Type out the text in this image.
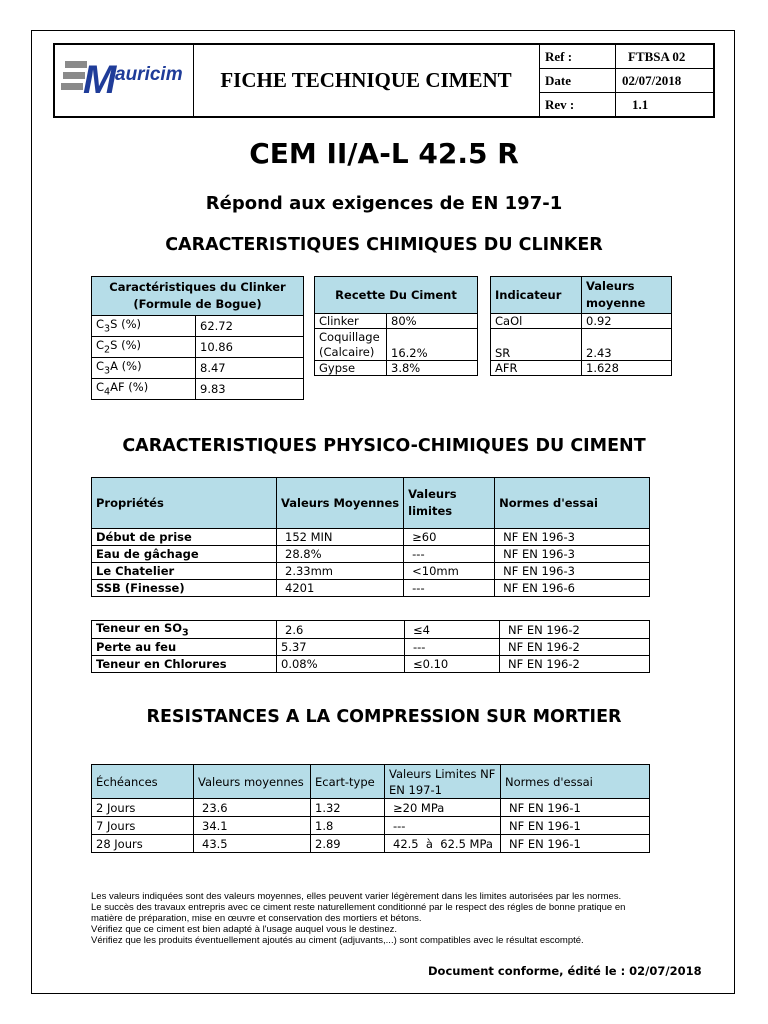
M
auricim	FICHE TECHNIQUE CIMENT
Ref :	FTBSA 02
Date	02/07/2018
Rev :	1.1
CEM II/A-L 42.5 R
Répond aux exigences de EN 197-1
CARACTERISTIQUES CHIMIQUES DU CLINKER
Caractéristiques du Clinker
(Formule de Bogue)	
$C_3S$ (%)	62.72
$C_2S$ (%)	10.86
$C_3A$ (%)	8.47
$C_4AF$ (%)	9.83
Recette Du Ciment	
Clinker	80%
Coquillage (Calcaire)	16.2%
Gypse	3.8%
Indicateur	Valeurs moyenne
CaOl	0.92
SR	2.43
AFR	1.628
CARACTERISTIQUES PHYSICO-CHIMIQUES DU CIMENT
Propriétés	Valeurs Moyennes	Valeurs limites	Normes d'essai
Début de prise	152 MIN	≥60	NF EN 196-3
Eau de gâchage	28.8%	---	NF EN 196-3
Le Chatelier	2.33mm	<10mm	NF EN 196-3
SSB (Finesse)	4201	---	NF EN 196-6
Teneur en $SO_3$	2.6	≤4	NF EN 196-2
Perte au feu	5.37	---	NF EN 196-2
Teneur en Chlorures	0.08%	≤0.10	NF EN 196-2
RESISTANCES A LA COMPRESSION SUR MORTIER
Échéances	Valeurs moyennes	Ecart-type	Valeurs Limites NF EN 197-1	Normes d'essai
2 Jours	23.6	1.32	≥20 MPa	NF EN 196-1
7 Jours	34.1	1.8	---	NF EN 196-1
28 Jours	43.5	2.89	42.5  à  62.5 MPa	NF EN 196-1
Les valeurs indiquées sont des valeurs moyennes, elles peuvent varier légèrement dans les limites autorisées par les normes.
Le succès des travaux entrepris avec ce ciment reste naturellement conditionné par le respect des régles de bonne pratique en
matière de préparation, mise en œuvre et conservation des mortiers et bétons.
Vérifiez que ce ciment est bien adapté à l'usage auquel vous le destinez.
Vérifiez que les produits éventuellement ajoutés au ciment (adjuvants,...) sont compatibles avec le résultat escompté.
Document conforme, édité le : 02/07/2018
